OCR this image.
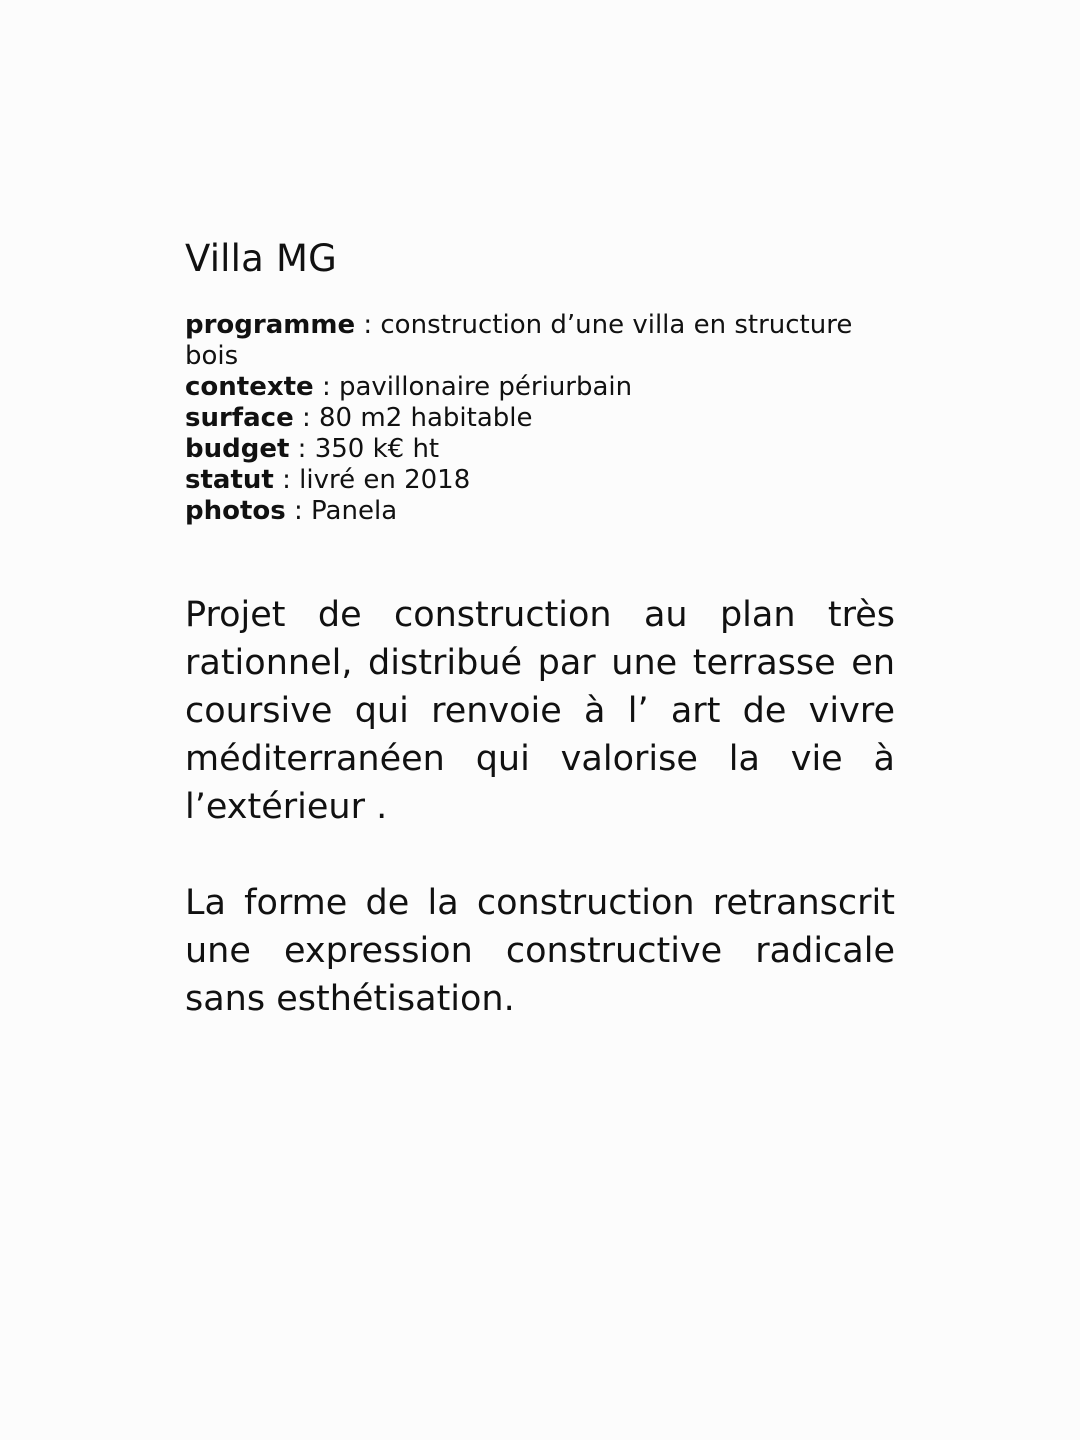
Villa MG
programme : construction d’une villa en structure bois
contexte : pavillonaire périurbain
surface : 80 m2 habitable
budget : 350 k€ ht
statut : livré en 2018
photos : Panela

Projet de construction au plan très rationnel, distribué par une terrasse en coursive qui renvoie à l’ art de vivre méditerranéen qui valorise la vie à l’extérieur .

La forme de la construction retranscrit une expression constructive radicale sans esthétisation.
